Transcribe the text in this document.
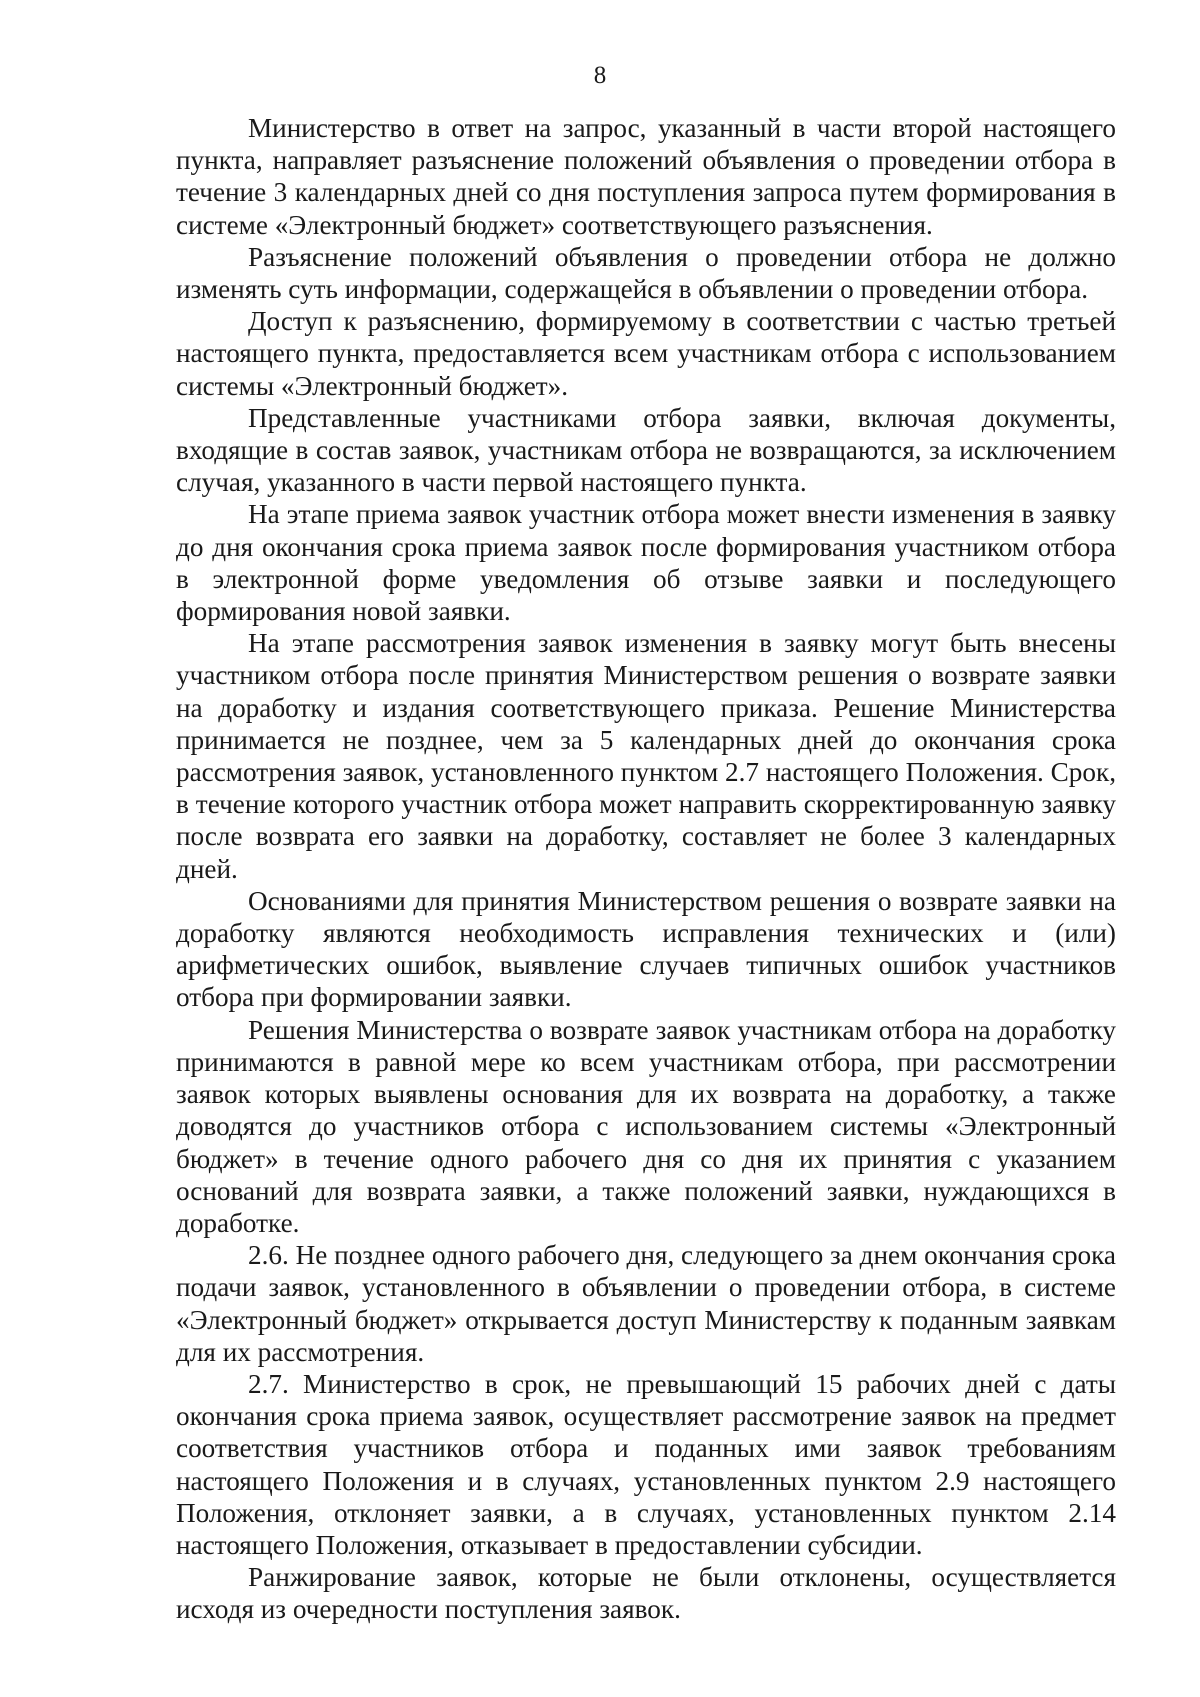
8

Министерство в ответ на запрос, указанный в части второй настоящего пункта, направляет разъяснение положений объявления о проведении отбора в течение 3 календарных дней со дня поступления запроса путем формирования в системе «Электронный бюджет» соответствующего разъяснения.

Разъяснение положений объявления о проведении отбора не должно изменять суть информации, содержащейся в объявлении о проведении отбора.

Доступ к разъяснению, формируемому в соответствии с частью третьей настоящего пункта, предоставляется всем участникам отбора с использованием системы «Электронный бюджет».

Представленные участниками отбора заявки, включая документы, входящие в состав заявок, участникам отбора не возвращаются, за исключением случая, указанного в части первой настоящего пункта.

На этапе приема заявок участник отбора может внести изменения в заявку до дня окончания срока приема заявок после формирования участником отбора в электронной форме уведомления об отзыве заявки и последующего формирования новой заявки.

На этапе рассмотрения заявок изменения в заявку могут быть внесены участником отбора после принятия Министерством решения о возврате заявки на доработку и издания соответствующего приказа. Решение Министерства принимается не позднее, чем за 5 календарных дней до окончания срока рассмотрения заявок, установленного пунктом 2.7 настоящего Положения. Срок, в течение которого участник отбора может направить скорректированную заявку после возврата его заявки на доработку, составляет не более 3 календарных дней.

Основаниями для принятия Министерством решения о возврате заявки на доработку являются необходимость исправления технических и (или) арифметических ошибок, выявление случаев типичных ошибок участников отбора при формировании заявки.

Решения Министерства о возврате заявок участникам отбора на доработку принимаются в равной мере ко всем участникам отбора, при рассмотрении заявок которых выявлены основания для их возврата на доработку, а также доводятся до участников отбора с использованием системы «Электронный бюджет» в течение одного рабочего дня со дня их принятия с указанием оснований для возврата заявки, а также положений заявки, нуждающихся в доработке.

2.6. Не позднее одного рабочего дня, следующего за днем окончания срока подачи заявок, установленного в объявлении о проведении отбора, в системе «Электронный бюджет» открывается доступ Министерству к поданным заявкам для их рассмотрения.

2.7. Министерство в срок, не превышающий 15 рабочих дней с даты окончания срока приема заявок, осуществляет рассмотрение заявок на предмет соответствия участников отбора и поданных ими заявок требованиям настоящего Положения и в случаях, установленных пунктом 2.9 настоящего Положения, отклоняет заявки, а в случаях, установленных пунктом 2.14 настоящего Положения, отказывает в предоставлении субсидии.

Ранжирование заявок, которые не были отклонены, осуществляется исходя из очередности поступления заявок.
